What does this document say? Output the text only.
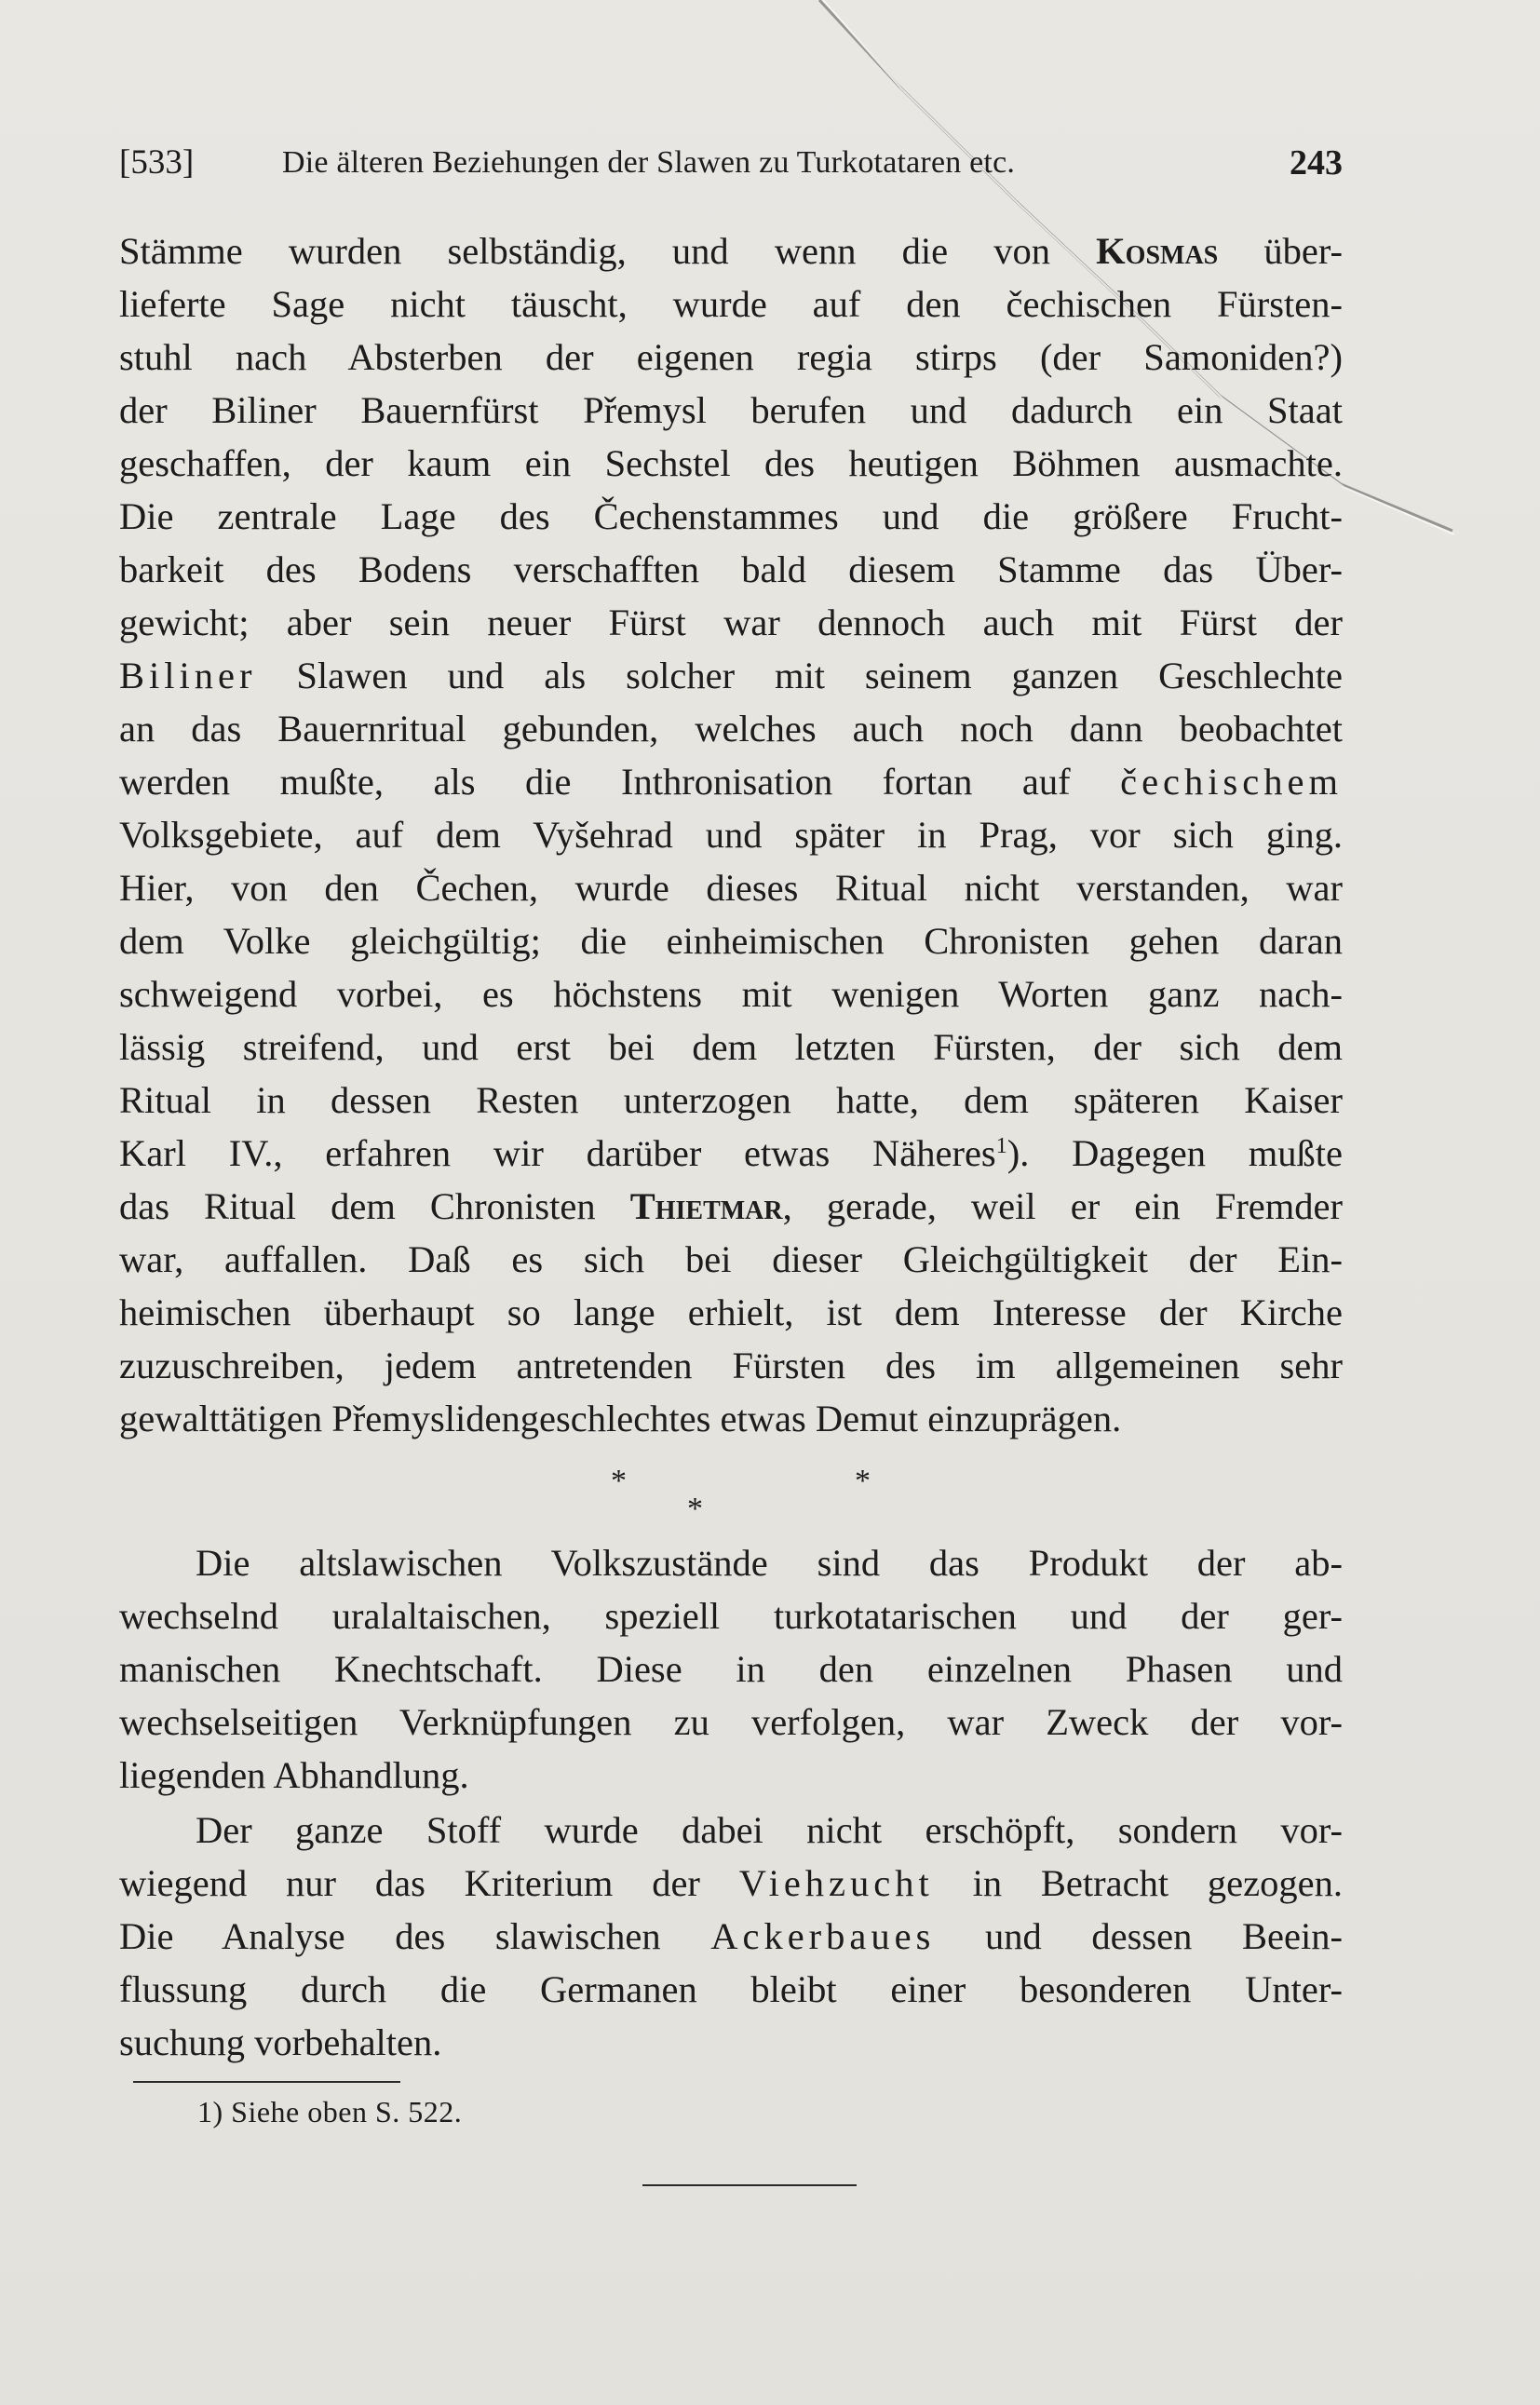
[533]	Die älteren Beziehungen der Slawen zu Turkotataren etc.	243
Stämme wurden selbständig, und wenn die von Kosmas über-
lieferte Sage nicht täuscht, wurde auf den čechischen Fürsten-
stuhl nach Absterben der eigenen regia stirps (der Samoniden?)
der Biliner Bauernfürst Přemysl berufen und dadurch ein Staat
geschaffen, der kaum ein Sechstel des heutigen Böhmen ausmachte.
Die zentrale Lage des Čechenstammes und die größere Frucht-
barkeit des Bodens verschafften bald diesem Stamme das Über-
gewicht; aber sein neuer Fürst war dennoch auch mit Fürst der
Biliner Slawen und als solcher mit seinem ganzen Geschlechte
an das Bauernritual gebunden, welches auch noch dann beobachtet
werden mußte, als die Inthronisation fortan auf čechischem
Volksgebiete, auf dem Vyšehrad und später in Prag, vor sich ging.
Hier, von den Čechen, wurde dieses Ritual nicht verstanden, war
dem Volke gleichgültig; die einheimischen Chronisten gehen daran
schweigend vorbei, es höchstens mit wenigen Worten ganz nach-
lässig streifend, und erst bei dem letzten Fürsten, der sich dem
Ritual in dessen Resten unterzogen hatte, dem späteren Kaiser
Karl IV., erfahren wir darüber etwas Näheres$^1$). Dagegen mußte
das Ritual dem Chronisten Thietmar, gerade, weil er ein Fremder
war, auffallen. Daß es sich bei dieser Gleichgültigkeit der Ein-
heimischen überhaupt so lange erhielt, ist dem Interesse der Kirche
zuzuschreiben, jedem antretenden Fürsten des im allgemeinen sehr
gewalttätigen Přemyslidengeschlechtes etwas Demut einzuprägen.
*
*
*
Die altslawischen Volkszustände sind das Produkt der ab-
wechselnd uralaltaischen, speziell turkotatarischen und der ger-
manischen Knechtschaft. Diese in den einzelnen Phasen und
wechselseitigen Verknüpfungen zu verfolgen, war Zweck der vor-
liegenden Abhandlung.
Der ganze Stoff wurde dabei nicht erschöpft, sondern vor-
wiegend nur das Kriterium der Viehzucht in Betracht gezogen.
Die Analyse des slawischen Ackerbaues und dessen Beein-
flussung durch die Germanen bleibt einer besonderen Unter-
suchung vorbehalten.
1) Siehe oben S. 522.
